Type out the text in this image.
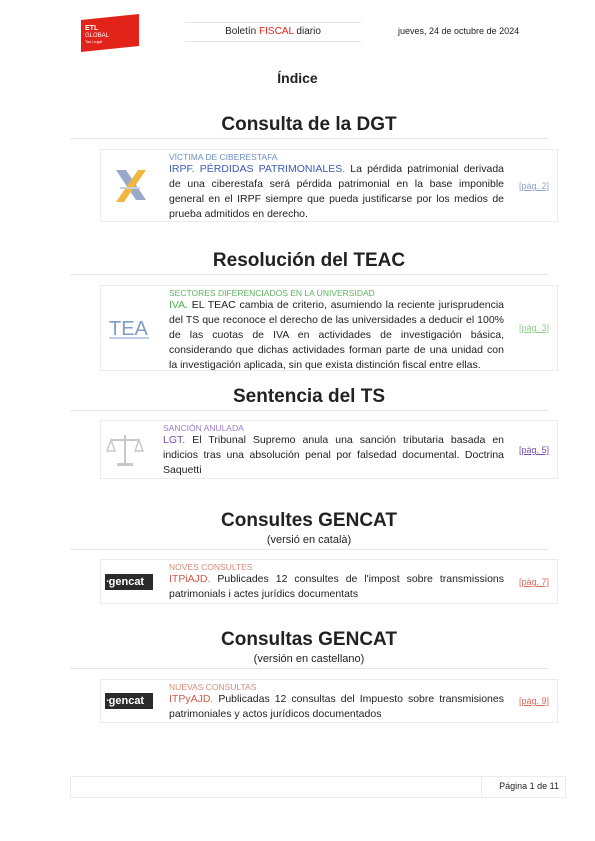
ADD
ETL
GLOBAL
Tax Legal
Boletín FISCAL diario	jueves, 24 de octubre de 2024
Índice
Consulta de la DGT
VÍCTIMA DE CIBERESTAFA
IRPF. PÉRDIDAS PATRIMONIALES. La pérdida patrimonial derivada de una ciberestafa será pérdida patrimonial en la base imponible general en el IRPF siempre que pueda justificarse por los medios de prueba admitidos en derecho.
[pág. 2]
Resolución del TEAC
TEA
SECTORES DIFERENCIADOS EN LA UNIVERSIDAD
IVA. EL TEAC cambia de criterio, asumiendo la reciente jurisprudencia del TS que reconoce el derecho de las universidades a deducir el 100% de las cuotas de IVA en actividades de investigación básica, considerando que dichas actividades forman parte de una unidad con la investigación aplicada, sin que exista distinción fiscal entre ellas.
[pág. 3]
Sentencia del TS
SANCIÓN ANULADA
LGT. El Tribunal Supremo anula una sanción tributaria basada en indicios tras una absolución penal por falsedad documental. Doctrina Saquetti
[pág. 5]
Consultes GENCAT
(versió en català)
▪gencat
NOVES CONSULTES
ITPiAJD. Publicades 12 consultes de l'impost sobre transmissions patrimonials i actes jurídics documentats
[pàg. 7]
Consultas GENCAT
(versión en castellano)
▪gencat
NUEVAS CONSULTAS
ITPyAJD. Publicadas 12 consultas del Impuesto sobre transmisiones patrimoniales y actos jurídicos documentados
[pág. 9]
Página 1 de 11
